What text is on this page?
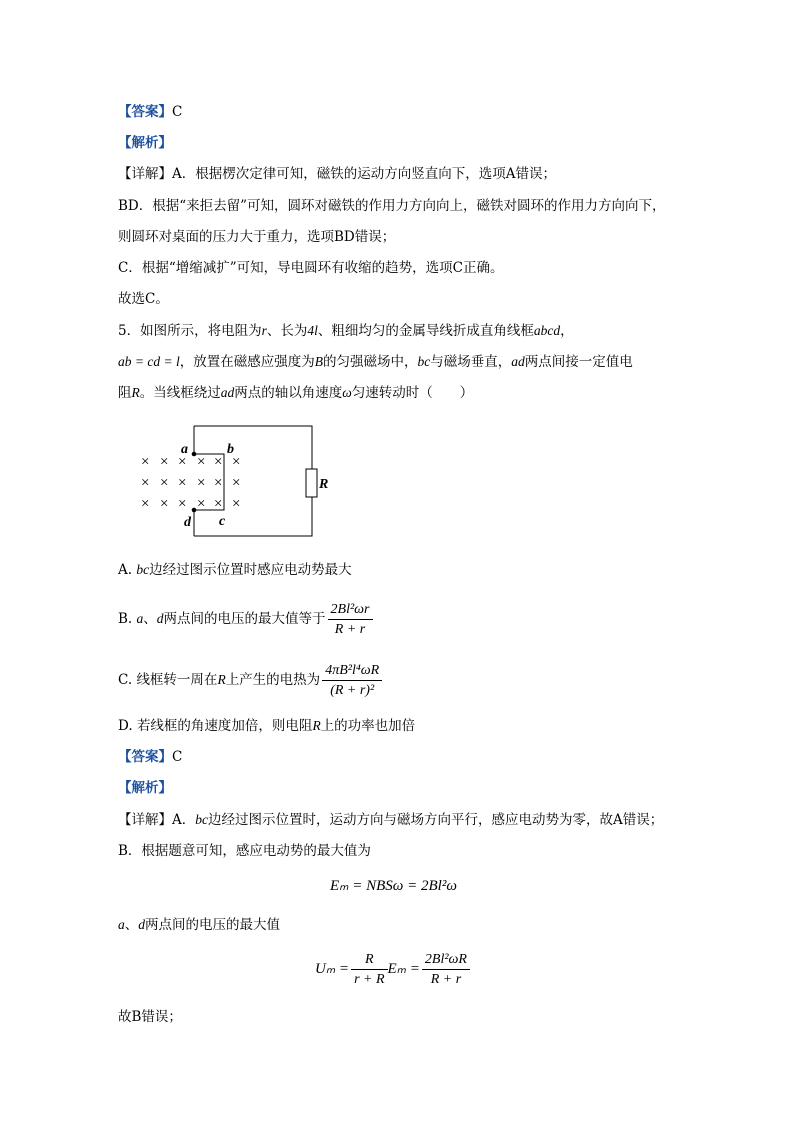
【答案】C
【解析】
【详解】A．根据楞次定律可知，磁铁的运动方向竖直向下，选项A错误；
BD．根据“来拒去留”可知，圆环对磁铁的作用力方向向上，磁铁对圆环的作用力方向向下，
则圆环对桌面的压力大于重力，选项BD错误；
C．根据“增缩减扩”可知，导电圆环有收缩的趋势，选项C正确。
故选C。
5．如图所示，将电阻为r、长为4l、粗细均匀的金属导线折成直角线框abcd，
ab = cd = l，放置在磁感应强度为B的匀强磁场中，bc与磁场垂直，ad两点间接一定值电
阻R。当线框绕过ad两点的轴以角速度ω匀速转动时（　　）
R
a	b
c
d
× × × × × ×
× × × × × ×
× × × × × ×
A. bc边经过图示位置时感应电动势最大
B. a、d两点间的电压的最大值等于 $\frac{\text{2Bl²ωr}}{R + r}$
C. 线框转一周在R上产生的电热为 $\frac{\text{4πB²l⁴ωR}}{\text{(R + r)²}}$
D. 若线框的角速度加倍，则电阻R上的功率也加倍
【答案】C
【解析】
【详解】A．bc边经过图示位置时，运动方向与磁场方向平行，感应电动势为零，故A错误；
B．根据题意可知，感应电动势的最大值为
Eₘ = NBSω = 2Bl²ω
a、d两点间的电压的最大值
$U_m = \frac{R}{r + R}$ $E_m = \frac{\text{2Bl²ωR}}{R + r}$
故B错误；
